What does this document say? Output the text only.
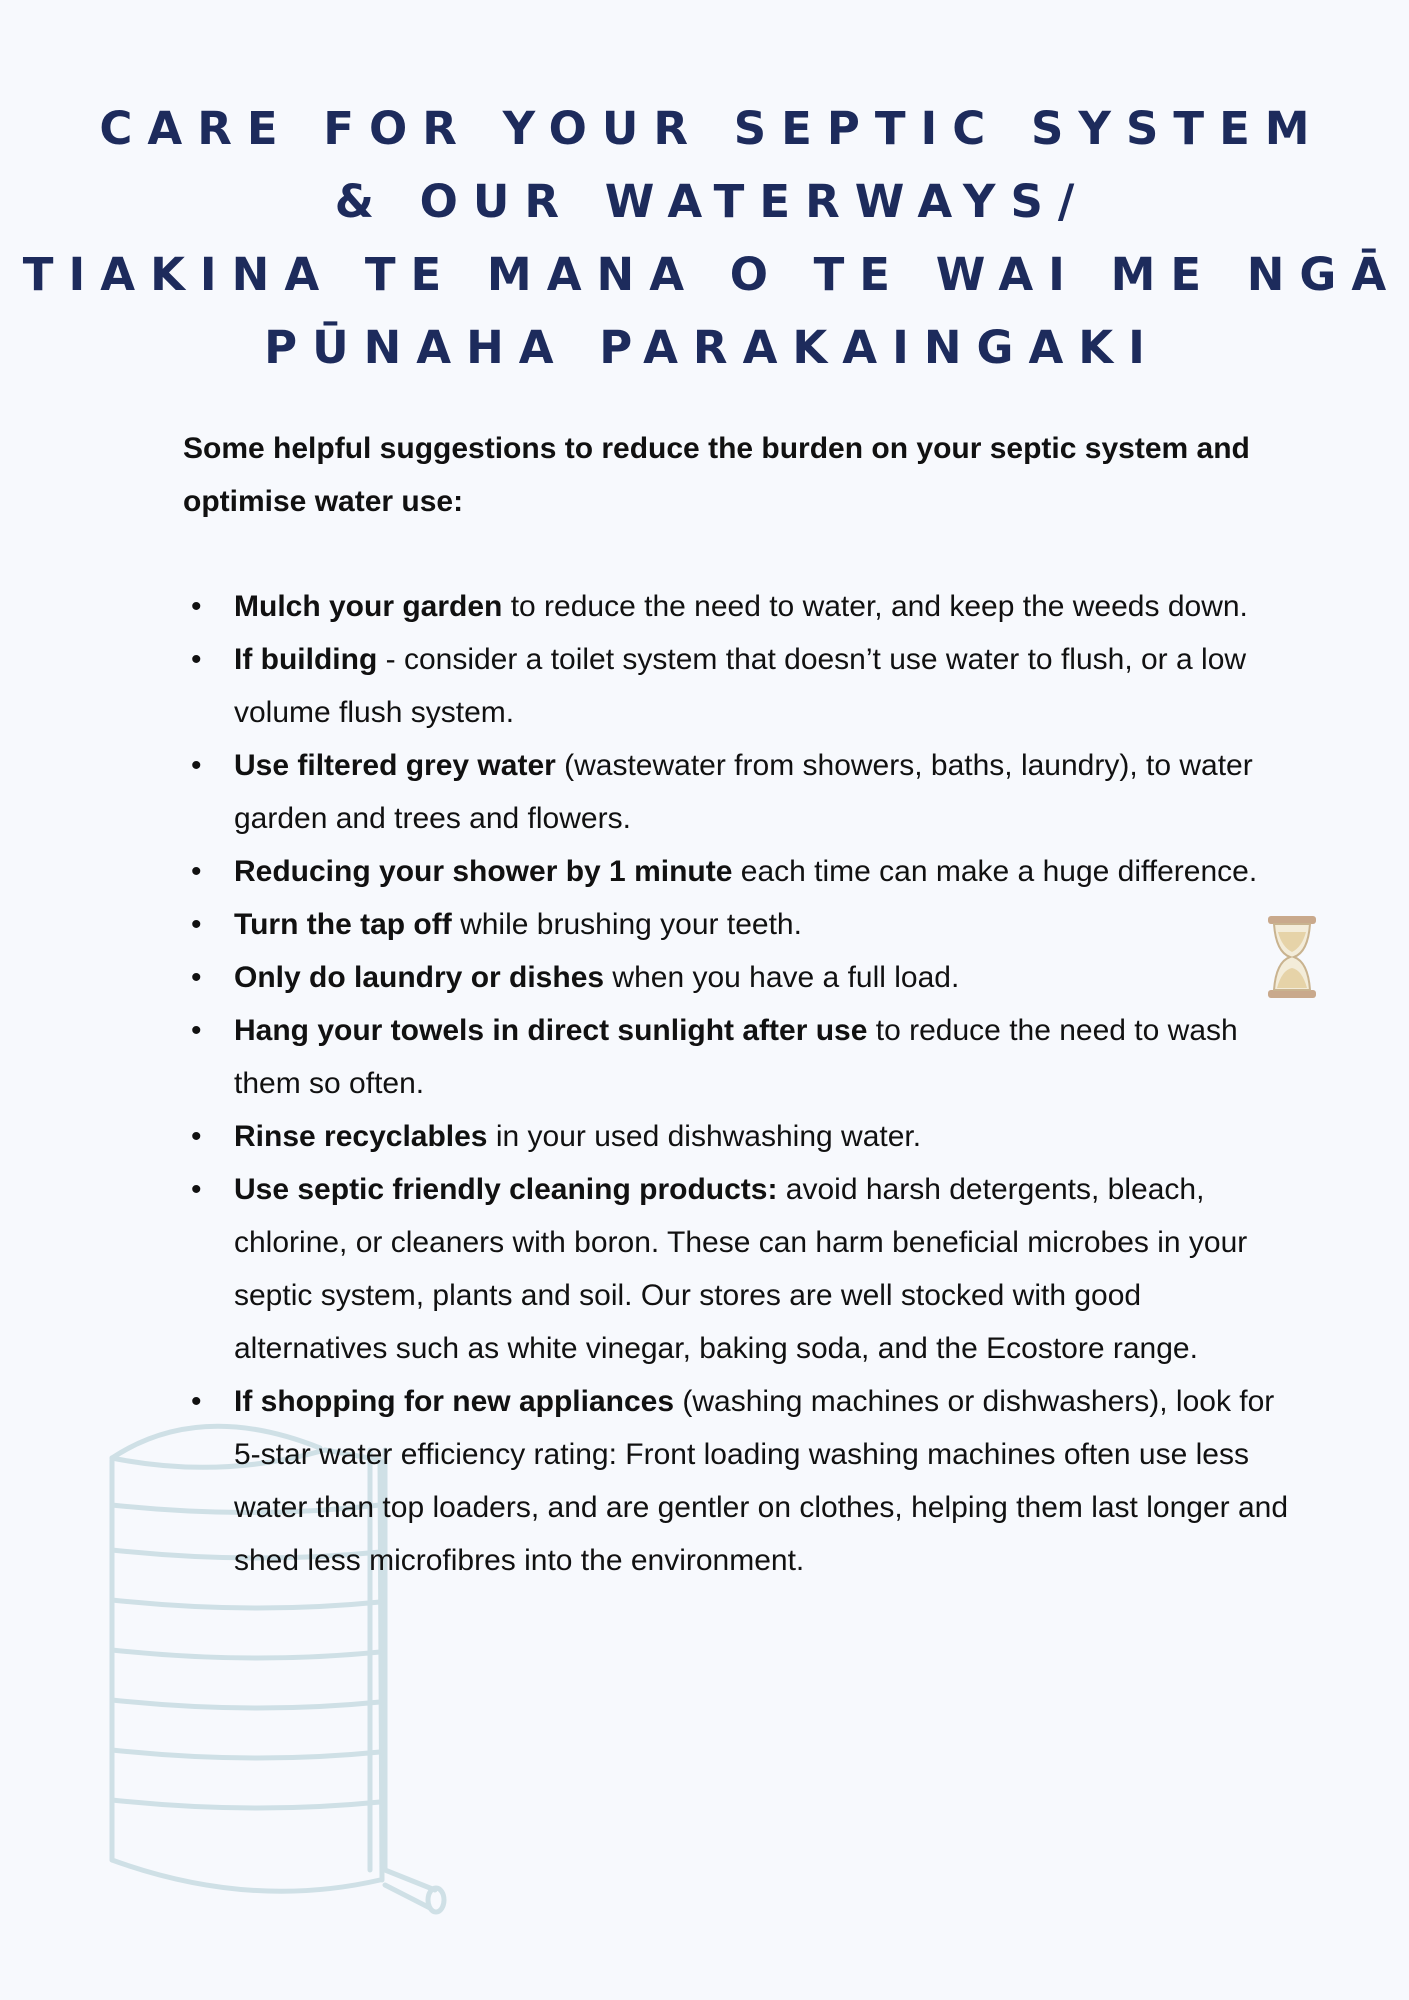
CARE FOR YOUR SEPTIC SYSTEM
& OUR WATERWAYS/
TIAKINA TE MANA O TE WAI ME NGĀ
PŪNAHA PARAKAINGAKI
Some helpful suggestions to reduce the burden on your septic system and optimise water use:
• Mulch your garden to reduce the need to water, and keep the weeds down.
• If building - consider a toilet system that doesn’t use water to flush, or a low volume flush system.
• Use filtered grey water (wastewater from showers, baths, laundry), to water garden and trees and flowers.
• Reducing your shower by 1 minute each time can make a huge difference.
• Turn the tap off while brushing your teeth.
• Only do laundry or dishes when you have a full load.
• Hang your towels in direct sunlight after use to reduce the need to wash them so often.
• Rinse recyclables in your used dishwashing water.
• Use septic friendly cleaning products: avoid harsh detergents, bleach, chlorine, or cleaners with boron. These can harm beneficial microbes in your septic system, plants and soil. Our stores are well stocked with good alternatives such as white vinegar, baking soda, and the Ecostore range.
• If shopping for new appliances (washing machines or dishwashers), look for 5-star water efficiency rating: Front loading washing machines often use less water than top loaders, and are gentler on clothes, helping them last longer and shed less microfibres into the environment.
